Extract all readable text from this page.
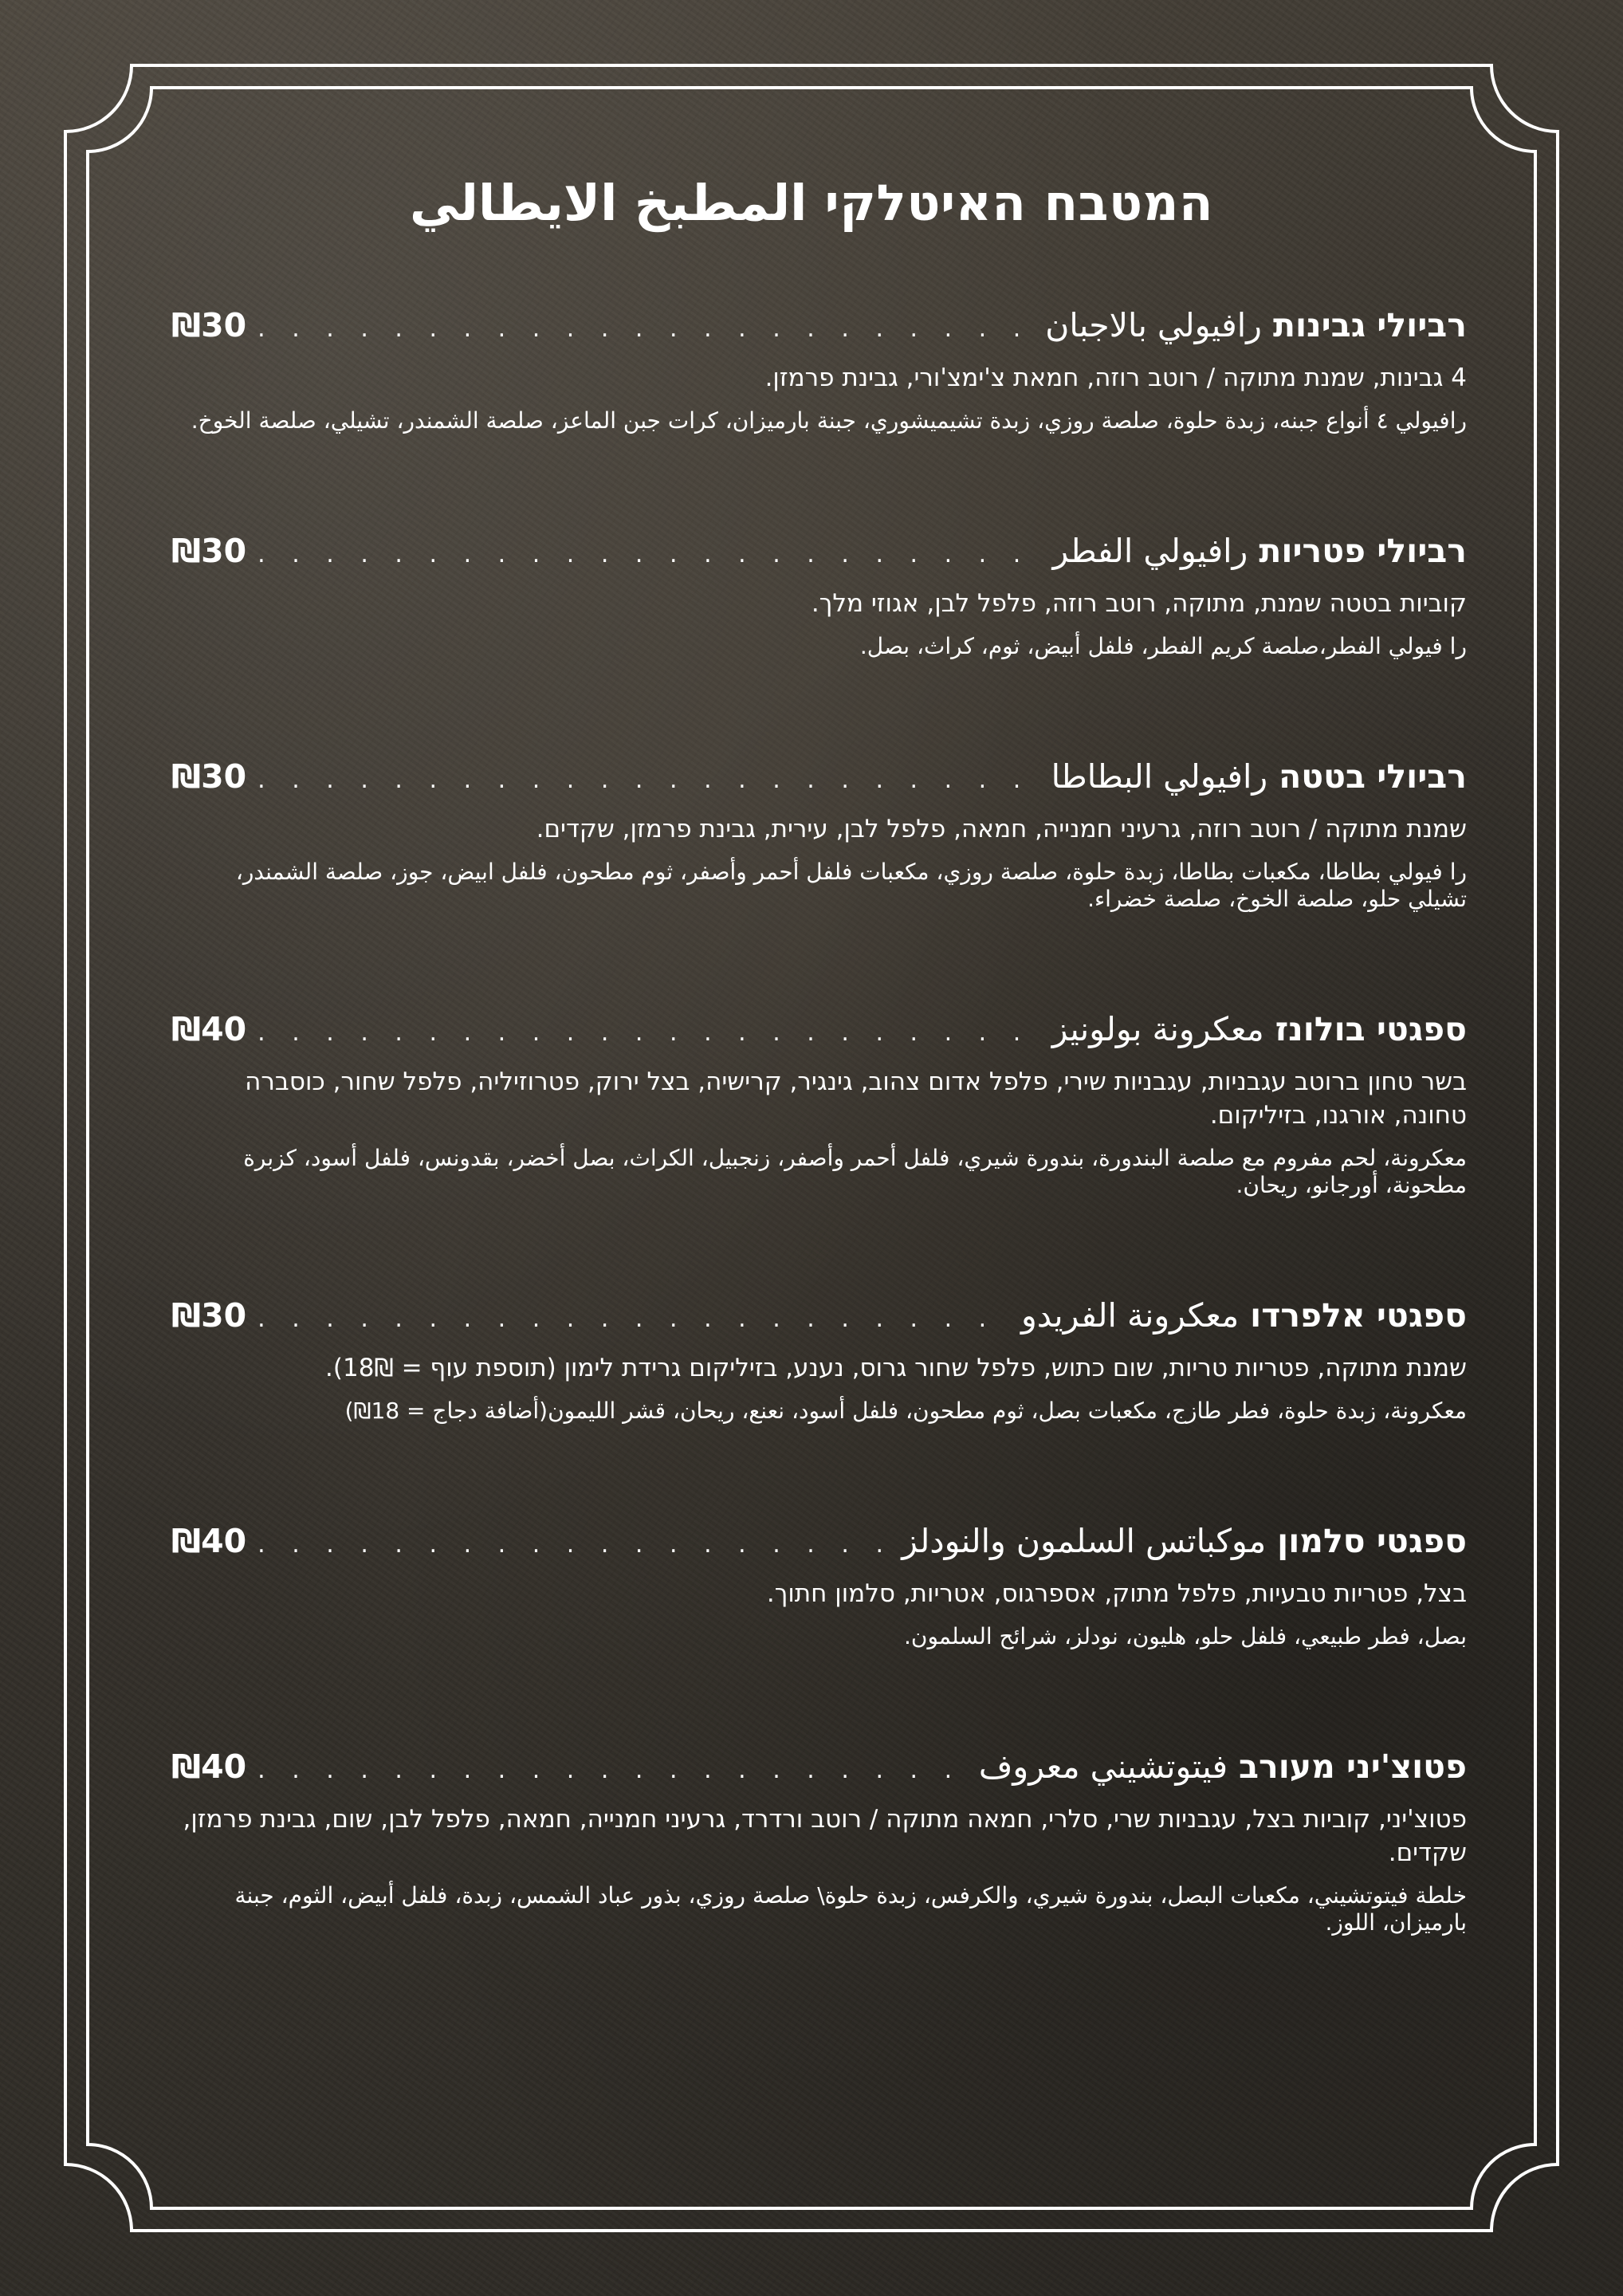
המטבח האיטלקי المطبخ الايطالي
רביולי גבינות
رافيولي بالاجبان
. . .
₪30
4 גבינות, שמנת מתוקה / רוטב רוזה, חמאת צ'ימצ'ורי, גבינת פרמזן.
رافيولي ٤ أنواع جبنه، زبدة حلوة، صلصة روزي، زبدة تشيميشوري، جبنة بارميزان، كرات جبن الماعز، صلصة الشمندر، تشيلي، صلصة الخوخ.
רביולי פטריות
رافيولي الفطر
. . .
₪30
קוביות בטטה שמנת, מתוקה, רוטב רוזה, פלפל לבן, אגוזי מלך.
را فيولي الفطر،صلصة كريم الفطر، فلفل أبيض، ثوم، كراث، بصل.
רביולי בטטה
رافيولي البطاطا
. . .
₪30
שמנת מתוקה / רוטב רוזה, גרעיני חמנייה, חמאה, פלפל לבן, עירית, גבינת פרמזן, שקדים.
را فيولي بطاطا، مكعبات بطاطا، زبدة حلوة، صلصة روزي، مكعبات فلفل أحمر وأصفر، ثوم مطحون، فلفل ابيض، جوز، صلصة الشمندر، تشيلي حلو، صلصة الخوخ، صلصة خضراء.
ספגטי בולונז
معكرونة بولونيز
. . .
₪40
בשר טחון ברוטב עגבניות, עגבניות שירי, פלפל אדום צהוב, גינגיר, קרישיה, בצל ירוק, פטרוזיליה, פלפל שחור, כוסברה טחונה, אורגנו, בזיליקום.
معكرونة، لحم مفروم مع صلصة البندورة، بندورة شيري، فلفل أحمر وأصفر، زنجبيل، الكراث، بصل أخضر، بقدونس، فلفل أسود، كزبرة مطحونة، أورجانو، ريحان.
ספגטי אלפרדו
معكرونة الفريدو
. . .
₪30
שמנת מתוקה, פטריות טריות, שום כתוש, פלפל שחור גרוס, נענע, בזיליקום גרידת לימון (תוספת עוף = 18₪).
معكرونة، زبدة حلوة، فطر طازج، مكعبات بصل، ثوم مطحون، فلفل أسود، نعنع، ريحان، قشر الليمون(أضافة دجاج = 18₪)
ספגטי סלמון
موكباتس السلمون والنودلز
. . .
₪40
בצל, פטריות טבעיות, פלפל מתוק, אספרגוס, אטריות, סלמון חתוך.
بصل، فطر طبيعي، فلفل حلو، هليون، نودلز، شرائح السلمون.
פטוצ'יני מעורב
فيتوتشيني معروف
. . .
₪40
פטוצ'יני, קוביות בצל, עגבניות שרי, סלרי, חמאה מתוקה / רוטב ורדרד, גרעיני חמנייה, חמאה, פלפל לבן, שום, גבינת פרמזן, שקדים.
خلطة فيتوتشيني، مكعبات البصل، بندورة شيري، والكرفس، زبدة حلوة\ صلصة روزي، بذور عباد الشمس، زبدة، فلفل أبيض، الثوم، جبنة بارميزان، اللوز.
